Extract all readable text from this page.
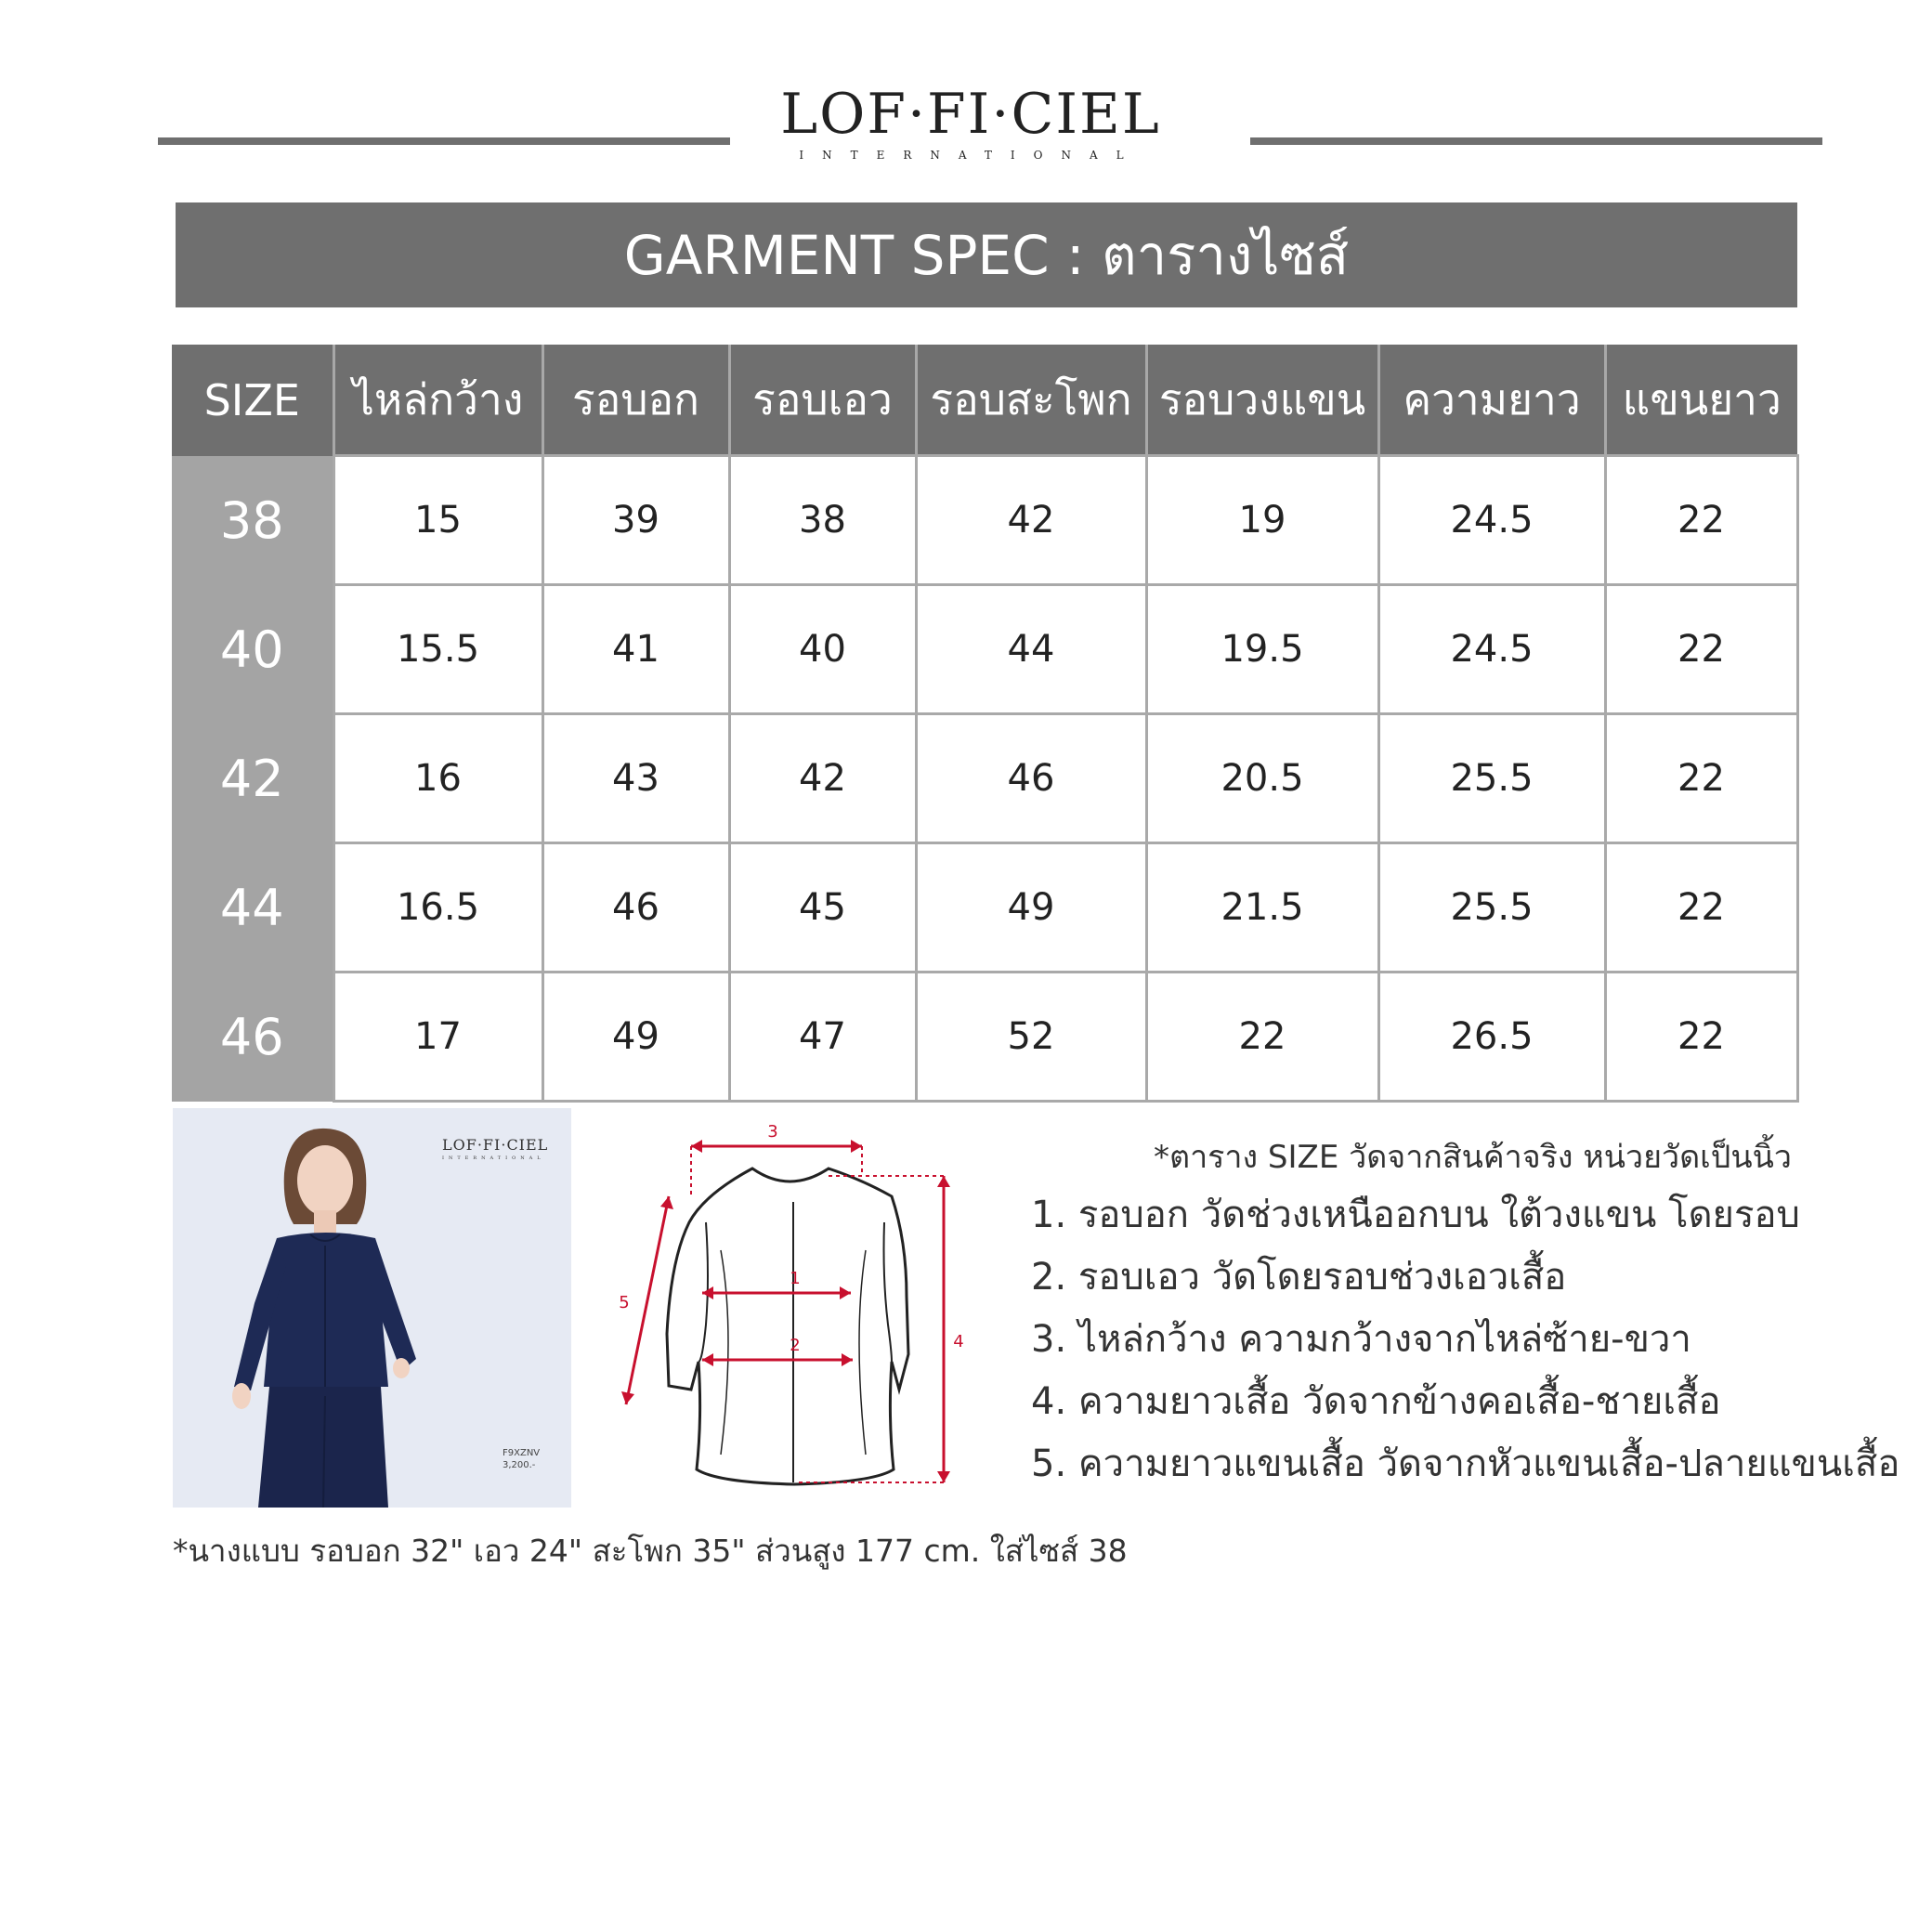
LOF·FI·CIEL
INTERNATIONAL
GARMENT SPEC : ตารางไซส์
SIZE	ไหล่กว้าง	รอบอก	รอบเอว	รอบสะโพก	รอบวงแขน	ความยาว	แขนยาว
38	15	39	38	42	19	24.5	22
40	15.5	41	40	44	19.5	24.5	22
42	16	43	42	46	20.5	25.5	22
44	16.5	46	45	49	21.5	25.5	22
46	17	49	47	52	22	26.5	22
LOF·FI·CIEL
INTERNATIONAL
F9XZNV
3,200.-
3
1
2	4
5
*ตาราง SIZE วัดจากสินค้าจริง หน่วยวัดเป็นนิ้ว
1. รอบอก วัดช่วงเหนืออกบน ใต้วงแขน โดยรอบ
2. รอบเอว วัดโดยรอบช่วงเอวเสื้อ
3. ไหล่กว้าง ความกว้างจากไหล่ซ้าย-ขวา
4. ความยาวเสื้อ วัดจากข้างคอเสื้อ-ชายเสื้อ
5. ความยาวแขนเสื้อ วัดจากหัวแขนเสื้อ-ปลายแขนเสื้อ
*นางแบบ รอบอก 32" เอว 24" สะโพก 35" ส่วนสูง 177 cm. ใส่ไซส์ 38
